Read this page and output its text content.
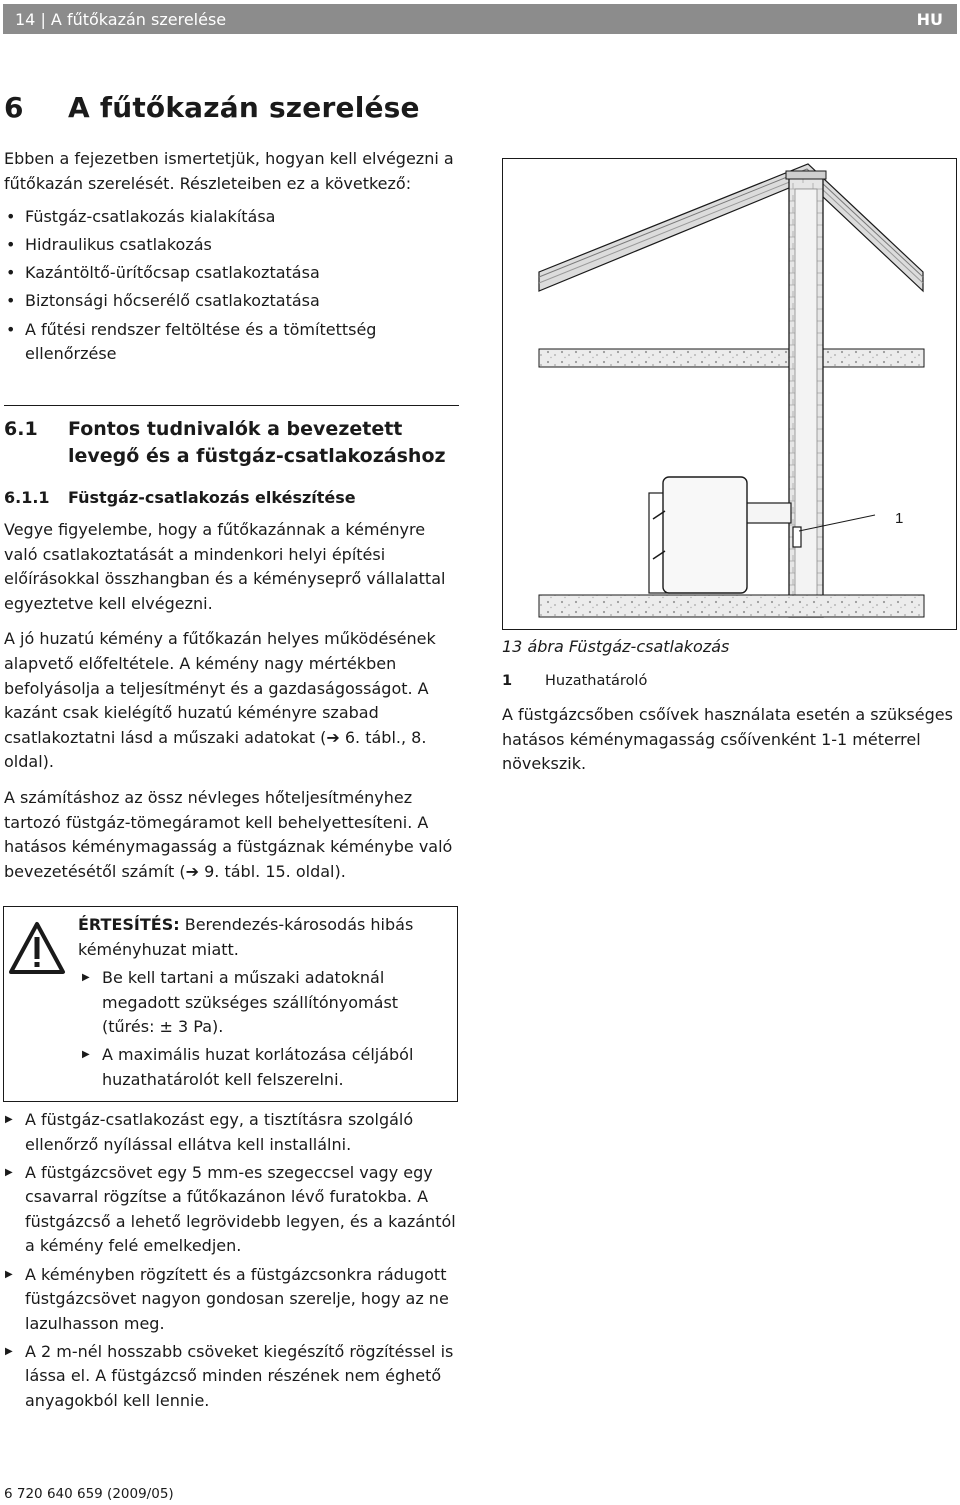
14 | A fűtőkazán szerelése	HU
6 A fűtőkazán szerelése

Ebben a fejezetben ismertetjük, hogyan kell elvégezni a fűtőkazán szerelését. Részleteiben ez a következő:

• Füstgáz-csatlakozás kialakítása
• Hidraulikus csatlakozás
• Kazántöltő-ürítőcsap csatlakoztatása
• Biztonsági hőcserélő csatlakoztatása
• A fűtési rendszer feltöltése és a tömítettség ellenőrzése
6.1 Fontos tudnivalók a bevezetett levegő és a füstgáz-csatlakozáshoz
6.1.1 Füstgáz-csatlakozás elkészítése

Vegye figyelembe, hogy a fűtőkazánnak a kéményre való csatlakoztatását a mindenkori helyi építési előírásokkal összhangban és a kéményseprő vállalattal egyeztetve kell elvégezni.

A jó huzatú kémény a fűtőkazán helyes működésének alapvető előfeltétele. A kémény nagy mértékben befolyásolja a teljesítményt és a gazdaságosságot. A kazánt csak kielégítő huzatú kéményre szabad csatlakoztatni lásd a műszaki adatokat (➔ 6. tábl., 8. oldal).

A számításhoz az össz névleges hőteljesítményhez tartozó füstgáz-tömegáramot kell behelyettesíteni. A hatásos kéménymagasság a füstgáznak kéménybe való bevezetésétől számít (➔ 9. tábl. 15. oldal).

ÉRTESÍTÉS: Berendezés-károsodás hibás kéményhuzat miatt.

▶ Be kell tartani a műszaki adatoknál megadott szükséges szállítónyomást (tűrés: ± 3 Pa).
▶ A maximális huzat korlátozása céljából huzathatárolót kell felszerelni.
▶ A füstgáz-csatlakozást egy, a tisztításra szolgáló ellenőrző nyílással ellátva kell installálni.
▶ A füstgázcsövet egy 5 mm-es szegeccsel vagy egy csavarral rögzítse a fűtőkazánon lévő furatokba. A füstgázcső a lehető legrövidebb legyen, és a kazántól a kémény felé emelkedjen.
▶ A kéményben rögzített és a füstgázcsonkra rádugott füstgázcsövet nagyon gondosan szerelje, hogy az ne lazulhasson meg.
▶ A 2 m-nél hosszabb csöveket kiegészítő rögzítéssel is lássa el. A füstgázcső minden részének nem éghető anyagokból kell lennie.
1
13 ábra Füstgáz-csatlakozás
1 Huzathatároló

A füstgázcsőben csőívek használata esetén a szükséges hatásos kéménymagasság csőívenként 1-1 méterrel növekszik.

6 720 640 659 (2009/05)
